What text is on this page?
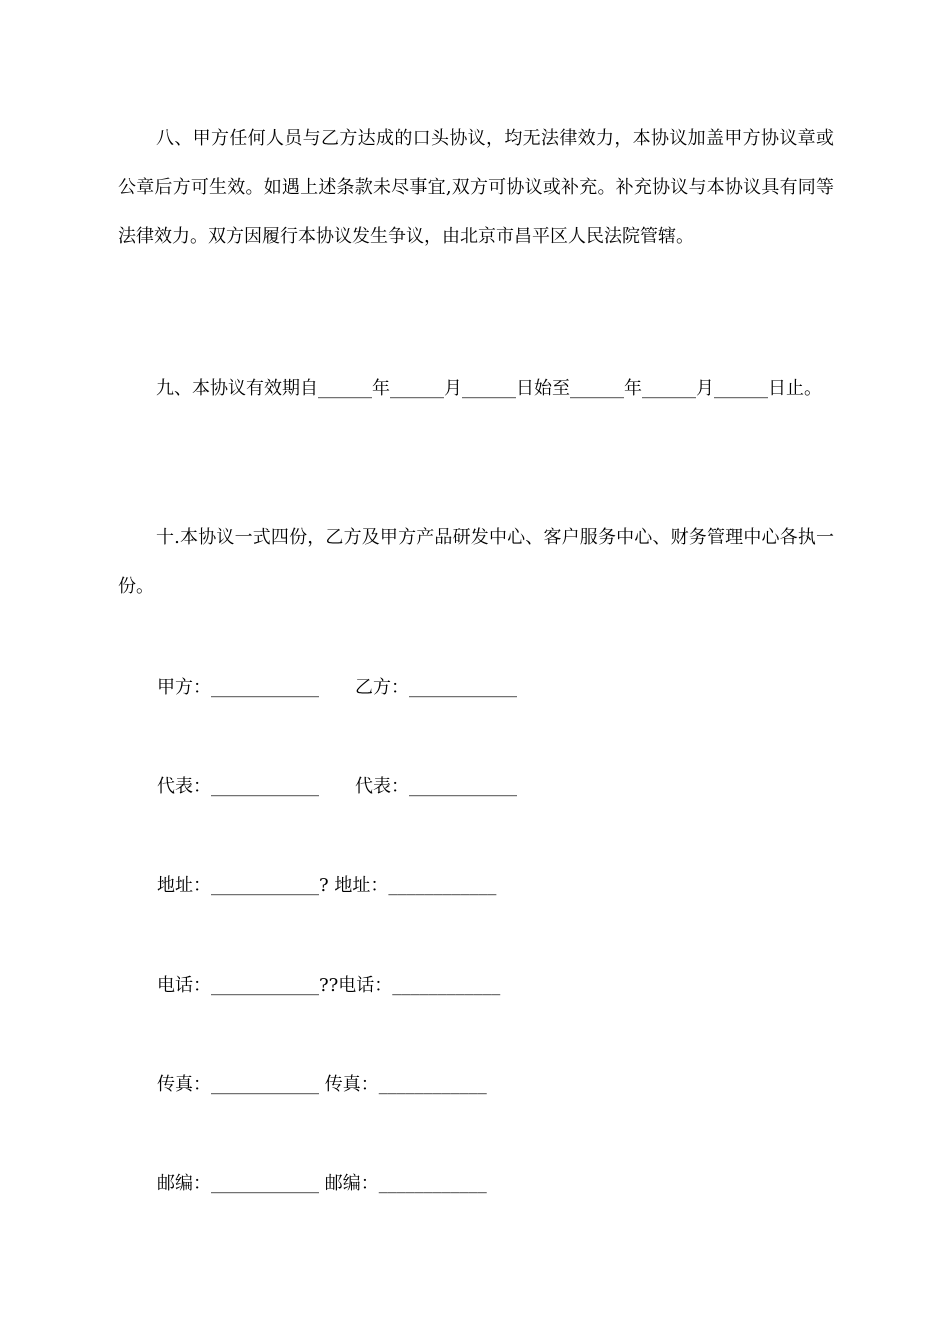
八、甲方任何人员与乙方达成的口头协议，均无法律效力，本协议加盖甲方协议章或公章后方可生效。如遇上述条款未尽事宜,双方可协议或补充。补充协议与本协议具有同等法律效力。双方因履行本协议发生争议，由北京市昌平区人民法院管辖。

九、本协议有效期自______年______月______日始至______年______月______日止。

十.本协议一式四份，乙方及甲方产品研发中心、客户服务中心、财务管理中心各执一份。

甲方：____________　　乙方：____________
代表：____________　　代表：____________
地址：____________? 地址：____________
电话：____________??电话：____________
传真：____________ 传真：____________
邮编：____________ 邮编：____________
